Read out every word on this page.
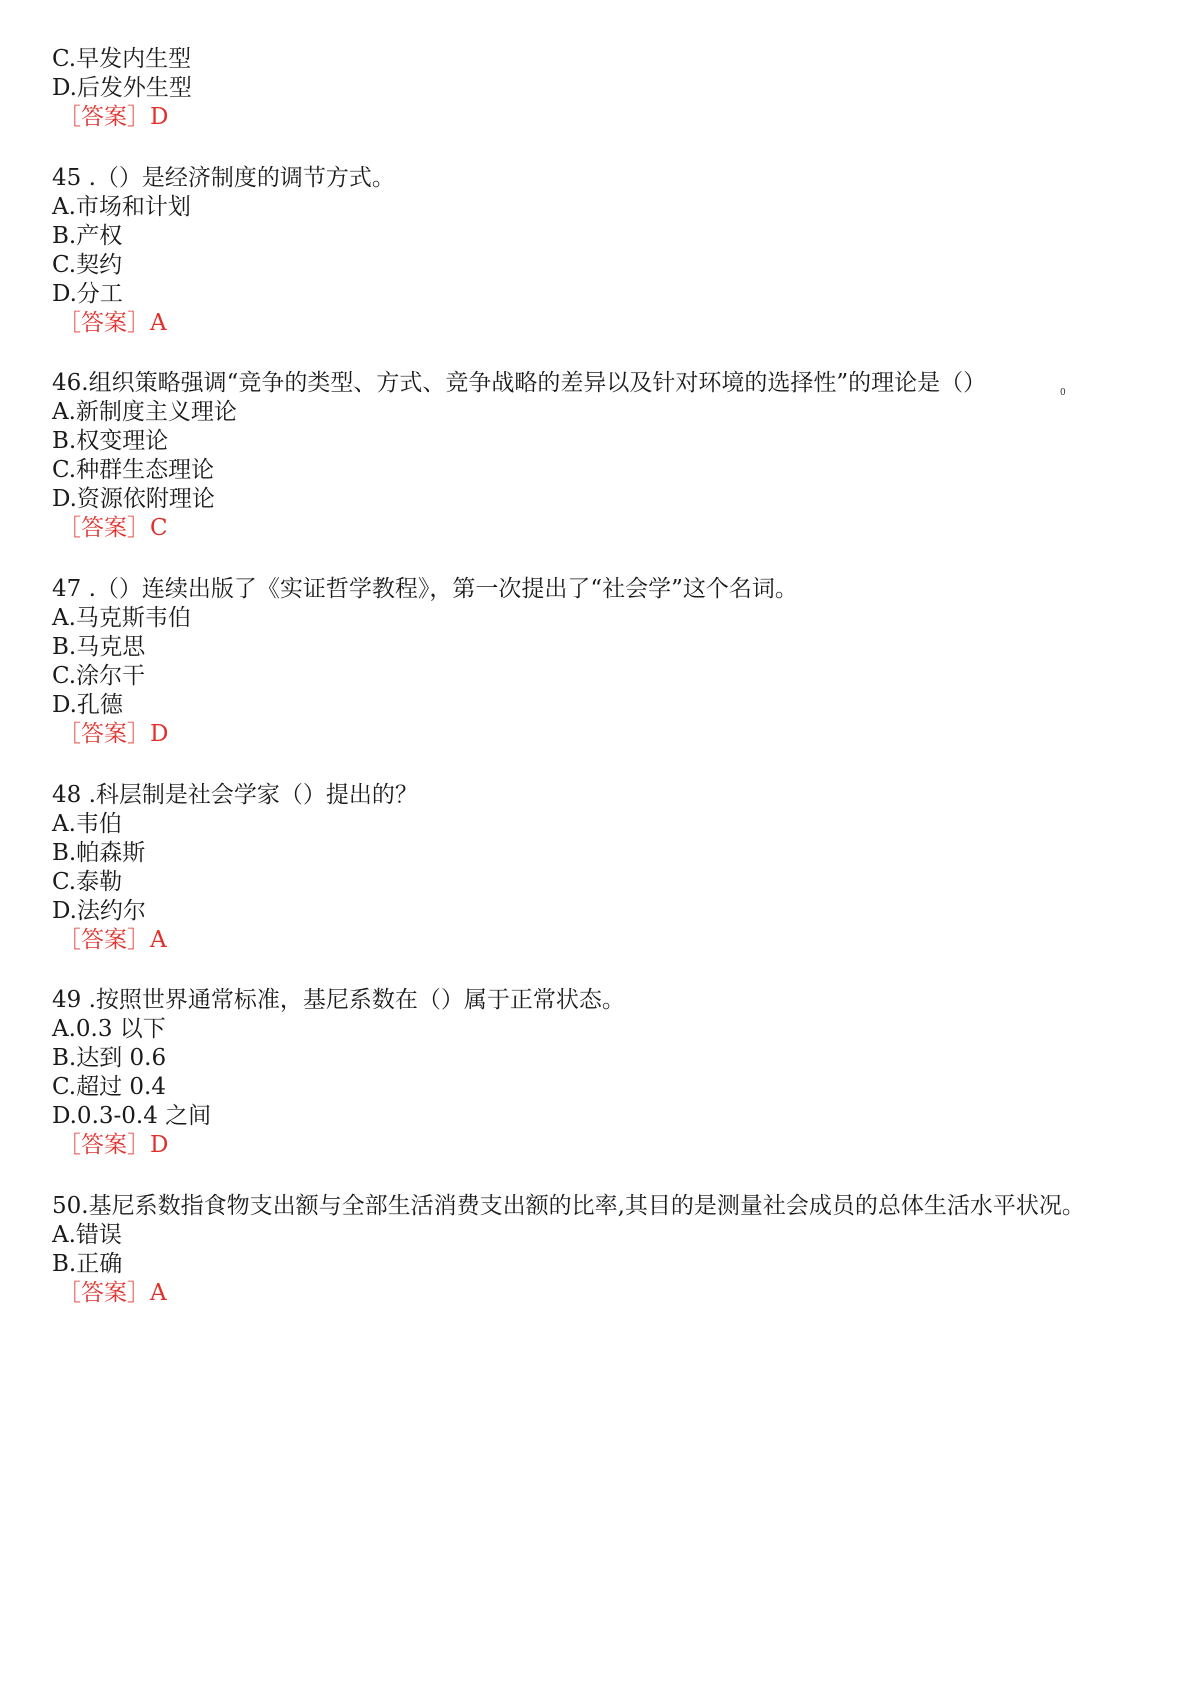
C.早发内生型
D.后发外生型
［答案］D
45 .（）是经济制度的调节方式。
A.市场和计划
B.产权
C.契约
D.分工
［答案］A
46.组织策略强调“竞争的类型、方式、竞争战略的差异以及针对环境的选择性”的理论是（）	0
A.新制度主义理论
B.权变理论
C.种群生态理论
D.资源依附理论
［答案］C
47 .（）连续出版了《实证哲学教程》，第一次提出了“社会学”这个名词。
A.马克斯韦伯
B.马克思
C.涂尔干
D.孔德
［答案］D
48 .科层制是社会学家（）提出的？
A.韦伯
B.帕森斯
C.泰勒
D.法约尔
［答案］A
49 .按照世界通常标准，基尼系数在（）属于正常状态。
A.0.3 以下
B.达到 0.6
C.超过 0.4
D.0.3-0.4 之间
［答案］D
50.基尼系数指食物支出额与全部生活消费支出额的比率,其目的是测量社会成员的总体生活水平状况。
A.错误
B.正确
［答案］A
